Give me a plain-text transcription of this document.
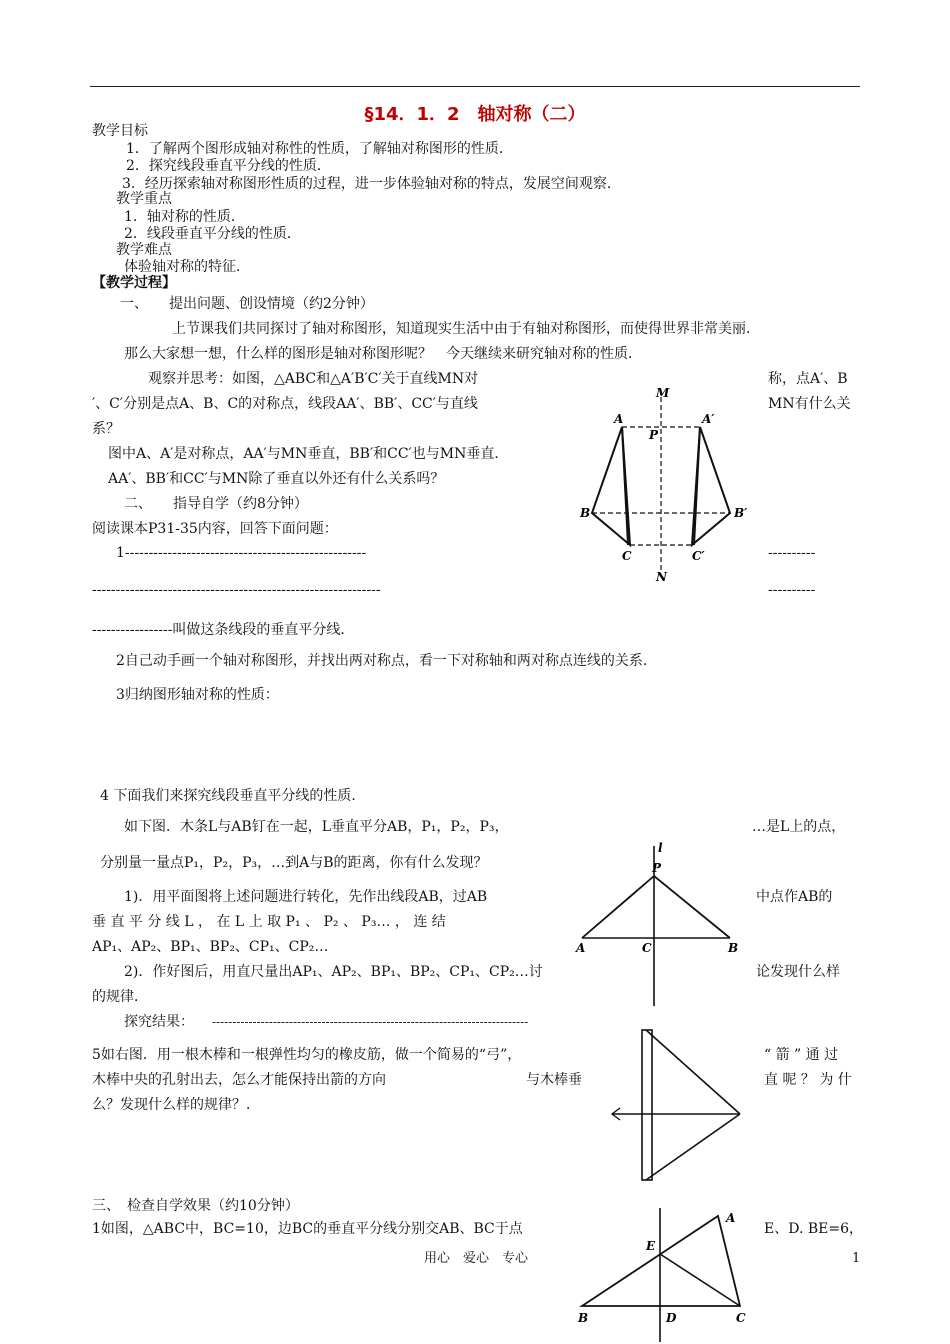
§14．1．2　轴对称（二）
教学目标
1．了解两个图形成轴对称性的性质，了解轴对称图形的性质．
2．探究线段垂直平分线的性质．
3．经历探索轴对称图形性质的过程，进一步体验轴对称的特点，发展空间观察．
教学重点
1．轴对称的性质．
2．线段垂直平分线的性质．
教学难点
体验轴对称的特征．
【教学过程】
一、　　提出问题、创设情境（约2分钟）
上节课我们共同探讨了轴对称图形，知道现实生活中由于有轴对称图形，而使得世界非常美丽．
那么大家想一想，什么样的图形是轴对称图形呢？　今天继续来研究轴对称的性质．
观察并思考：如图，△ABC和△A′B′C′关于直线MN对	称，点A′、B
′、C′分别是点A、B、C的对称点，线段AA′、BB′、CC′与直线	MN有什么关
系？
图中A、A′是对称点，AA′与MN垂直，BB′和CC′也与MN垂直．
AA′、BB′和CC′与MN除了垂直以外还有什么关系吗？
M
A	A′
P
B	B′
C	C′
N
二、　　指导自学（约8分钟）
阅读课本P31-35内容，回答下面问题：
1---------------------------------------------------	----------
-------------------------------------------------------------	----------
-----------------叫做这条线段的垂直平分线．
2自己动手画一个轴对称图形，并找出两对称点，看一下对称轴和两对称点连线的关系．
3归纳图形轴对称的性质：
4 下面我们来探究线段垂直平分线的性质．
如下图．木条L与AB钉在一起，L垂直平分AB，P₁，P₂，P₃，	…是L上的点，
分别量一量点P₁，P₂，P₃，…到A与B的距离，你有什么发现？
1)．用平面图将上述问题进行转化，先作出线段AB，过AB	中点作AB的
垂 直 平 分 线 L ， 在 L 上 取 P₁ 、 P₂ 、 P₃… ， 连 结
AP₁、AP₂、BP₁、BP₂、CP₁、CP₂…
2)．作好图后，用直尺量出AP₁、AP₂、BP₁、BP₂、CP₁、CP₂…讨	论发现什么样
的规律．
l
P
A	C	B
探究结果： ------------------------------------------------------------------------------
5如右图．用一根木棒和一根弹性均匀的橡皮筋，做一个简易的“弓”，	“ 箭 ” 通 过
木棒中央的孔射出去，怎么才能保持出箭的方向	与木棒垂	直 呢 ？ 为 什
么？发现什么样的规律？．
三、　检查自学效果（约10分钟）
1如图，△ABC中，BC=10，边BC的垂直平分线分别交AB、BC于点	E、D. BE=6，
A
E
B	D	C
用心　爱心　专心	1
